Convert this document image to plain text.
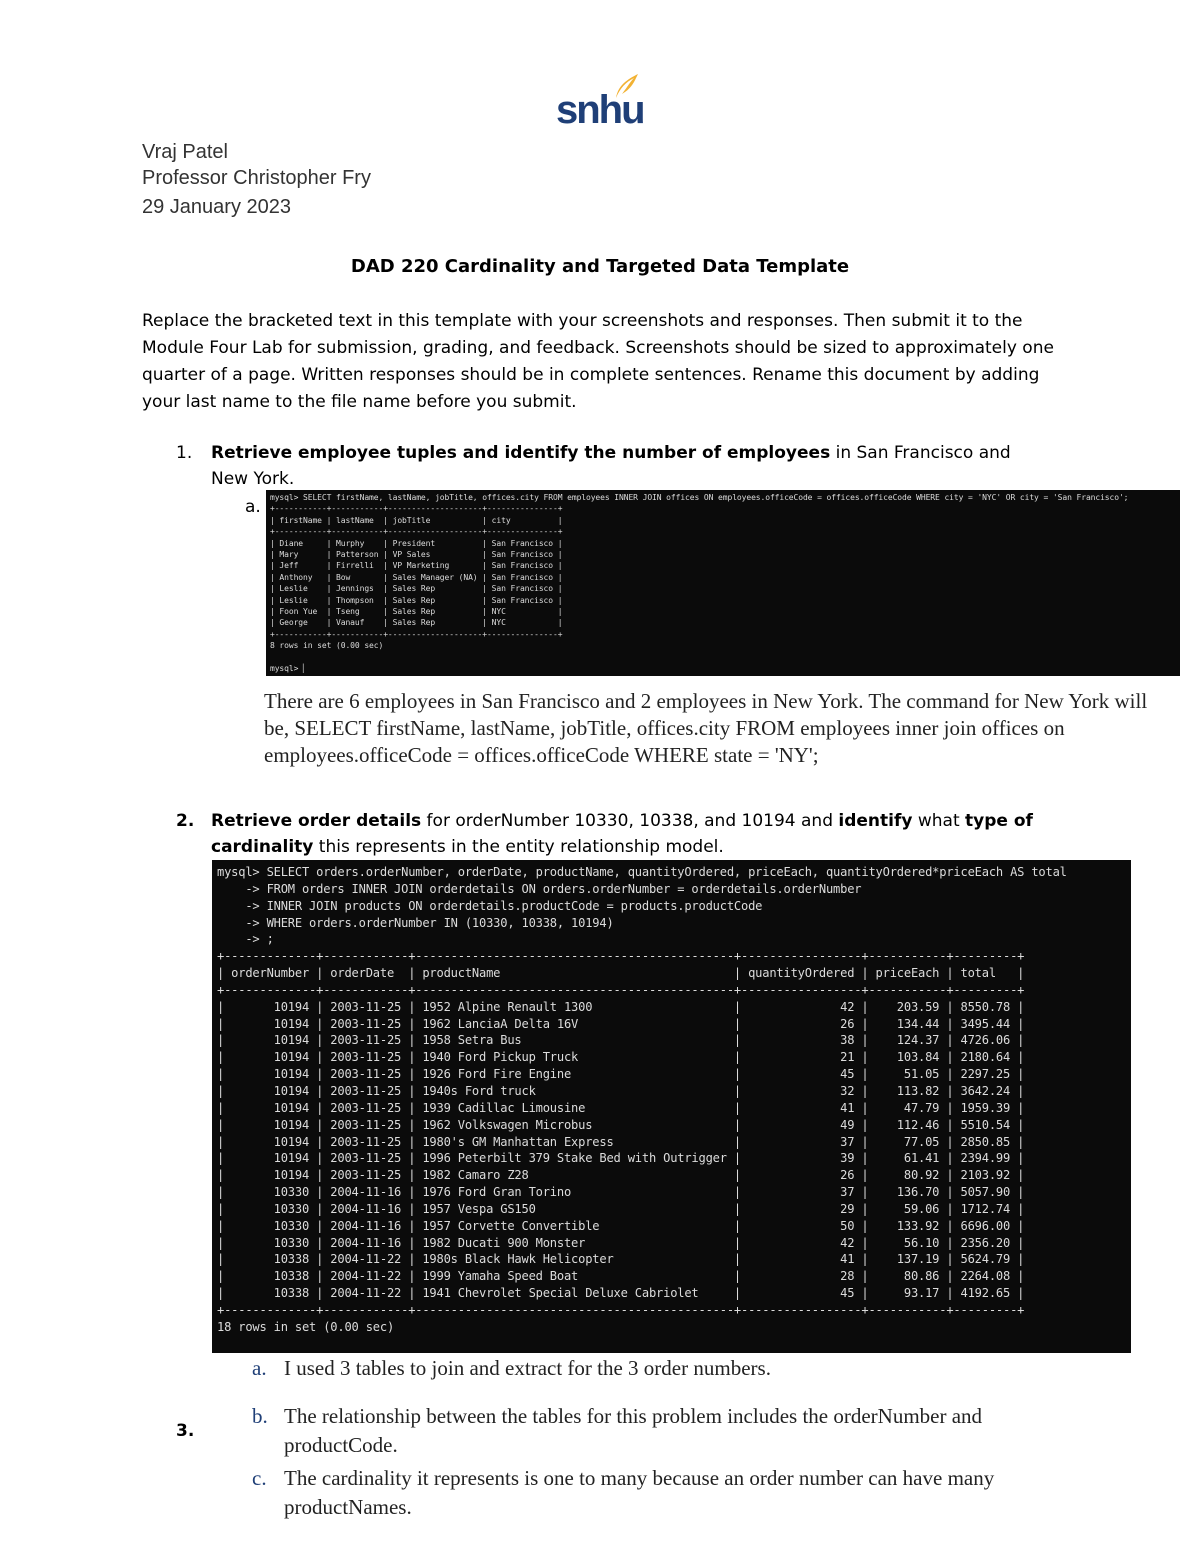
snhu
Vraj Patel
Professor Christopher Fry
29 January 2023
DAD 220 Cardinality and Targeted Data Template
Replace the bracketed text in this template with your screenshots and responses. Then submit it to the Module Four Lab for submission, grading, and feedback. Screenshots should be sized to approximately one quarter of a page. Written responses should be in complete sentences. Rename this document by adding your last name to the file name before you submit.
1. Retrieve employee tuples and identify the number of employees in San Francisco and New York.
a.	mysql> SELECT firstName, lastName, jobTitle, offices.city FROM employees INNER JOIN offices ON employees.officeCode = offices.officeCode WHERE city = 'NYC' OR city = 'San Francisco';
+-----------+-----------+--------------------+---------------+
| firstName | lastName  | jobTitle           | city          |
+-----------+-----------+--------------------+---------------+
| Diane     | Murphy    | President          | San Francisco |
| Mary      | Patterson | VP Sales           | San Francisco |
| Jeff      | Firrelli  | VP Marketing       | San Francisco |
| Anthony   | Bow       | Sales Manager (NA) | San Francisco |
| Leslie    | Jennings  | Sales Rep          | San Francisco |
| Leslie    | Thompson  | Sales Rep          | San Francisco |
| Foon Yue  | Tseng     | Sales Rep          | NYC           |
| George    | Vanauf    | Sales Rep          | NYC           |
+-----------+-----------+--------------------+---------------+
8 rows in set (0.00 sec)

mysql> ▏
There are 6 employees in San Francisco and 2 employees in New York. The command for New York will be, SELECT firstName, lastName, jobTitle, offices.city FROM employees inner join offices on employees.officeCode = offices.officeCode WHERE state = 'NY';
2. Retrieve order details for orderNumber 10330, 10338, and 10194 and identify what type of cardinality this represents in the entity relationship model.
mysql> SELECT orders.orderNumber, orderDate, productName, quantityOrdered, priceEach, quantityOrdered*priceEach AS total
-> FROM orders INNER JOIN orderdetails ON orders.orderNumber = orderdetails.orderNumber
-> INNER JOIN products ON orderdetails.productCode = products.productCode
-> WHERE orders.orderNumber IN (10330, 10338, 10194)
-> ;
+-------------+------------+---------------------------------------------+-----------------+-----------+---------+
| orderNumber | orderDate  | productName                                 | quantityOrdered | priceEach | total   |
+-------------+------------+---------------------------------------------+-----------------+-----------+---------+
|       10194 | 2003-11-25 | 1952 Alpine Renault 1300                    |              42 |    203.59 | 8550.78 |
|       10194 | 2003-11-25 | 1962 LanciaA Delta 16V                      |              26 |    134.44 | 3495.44 |
|       10194 | 2003-11-25 | 1958 Setra Bus                              |              38 |    124.37 | 4726.06 |
|       10194 | 2003-11-25 | 1940 Ford Pickup Truck                      |              21 |    103.84 | 2180.64 |
|       10194 | 2003-11-25 | 1926 Ford Fire Engine                       |              45 |     51.05 | 2297.25 |
|       10194 | 2003-11-25 | 1940s Ford truck                            |              32 |    113.82 | 3642.24 |
|       10194 | 2003-11-25 | 1939 Cadillac Limousine                     |              41 |     47.79 | 1959.39 |
|       10194 | 2003-11-25 | 1962 Volkswagen Microbus                    |              49 |    112.46 | 5510.54 |
|       10194 | 2003-11-25 | 1980's GM Manhattan Express                 |              37 |     77.05 | 2850.85 |
|       10194 | 2003-11-25 | 1996 Peterbilt 379 Stake Bed with Outrigger |              39 |     61.41 | 2394.99 |
|       10194 | 2003-11-25 | 1982 Camaro Z28                             |              26 |     80.92 | 2103.92 |
|       10330 | 2004-11-16 | 1976 Ford Gran Torino                       |              37 |    136.70 | 5057.90 |
|       10330 | 2004-11-16 | 1957 Vespa GS150                            |              29 |     59.06 | 1712.74 |
|       10330 | 2004-11-16 | 1957 Corvette Convertible                   |              50 |    133.92 | 6696.00 |
|       10330 | 2004-11-16 | 1982 Ducati 900 Monster                     |              42 |     56.10 | 2356.20 |
|       10338 | 2004-11-22 | 1980s Black Hawk Helicopter                 |              41 |    137.19 | 5624.79 |
|       10338 | 2004-11-22 | 1999 Yamaha Speed Boat                      |              28 |     80.86 | 2264.08 |
|       10338 | 2004-11-22 | 1941 Chevrolet Special Deluxe Cabriolet     |              45 |     93.17 | 4192.65 |
+-------------+------------+---------------------------------------------+-----------------+-----------+---------+
18 rows in set (0.00 sec)
3.
a. I used 3 tables to join and extract for the 3 order numbers.
b. The relationship between the tables for this problem includes the orderNumber and productCode.
c. The cardinality it represents is one to many because an order number can have many productNames.
